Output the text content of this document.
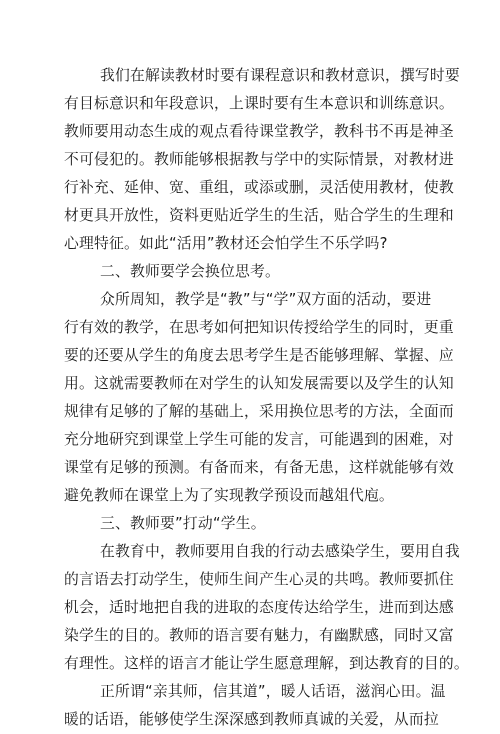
我们在解读教材时要有课程意识和教材意识，撰写时要
有目标意识和年段意识，上课时要有生本意识和训练意识。
教师要用动态生成的观点看待课堂教学，教科书不再是神圣
不可侵犯的。教师能够根据教与学中的实际情景，对教材进
行补充、延伸、宽、重组，或添或删，灵活使用教材，使教
材更具开放性，资料更贴近学生的生活，贴合学生的生理和
心理特征。如此“活用”教材还会怕学生不乐学吗?
二、教师要学会换位思考。
众所周知，教学是“教”与“学”双方面的活动，要进
行有效的教学，在思考如何把知识传授给学生的同时，更重
要的还要从学生的角度去思考学生是否能够理解、掌握、应
用。这就需要教师在对学生的认知发展需要以及学生的认知
规律有足够的了解的基础上，采用换位思考的方法，全面而
充分地研究到课堂上学生可能的发言，可能遇到的困难，对
课堂有足够的预测。有备而来，有备无患，这样就能够有效
避免教师在课堂上为了实现教学预设而越俎代庖。
三、教师要”打动“学生。
在教育中，教师要用自我的行动去感染学生，要用自我
的言语去打动学生，使师生间产生心灵的共鸣。教师要抓住
机会，适时地把自我的进取的态度传达给学生，进而到达感
染学生的目的。教师的语言要有魅力，有幽默感，同时又富
有理性。这样的语言才能让学生愿意理解，到达教育的目的。
正所谓“亲其师，信其道”，暖人话语，滋润心田。温
暖的话语，能够使学生深深感到教师真诚的关爱，从而拉
